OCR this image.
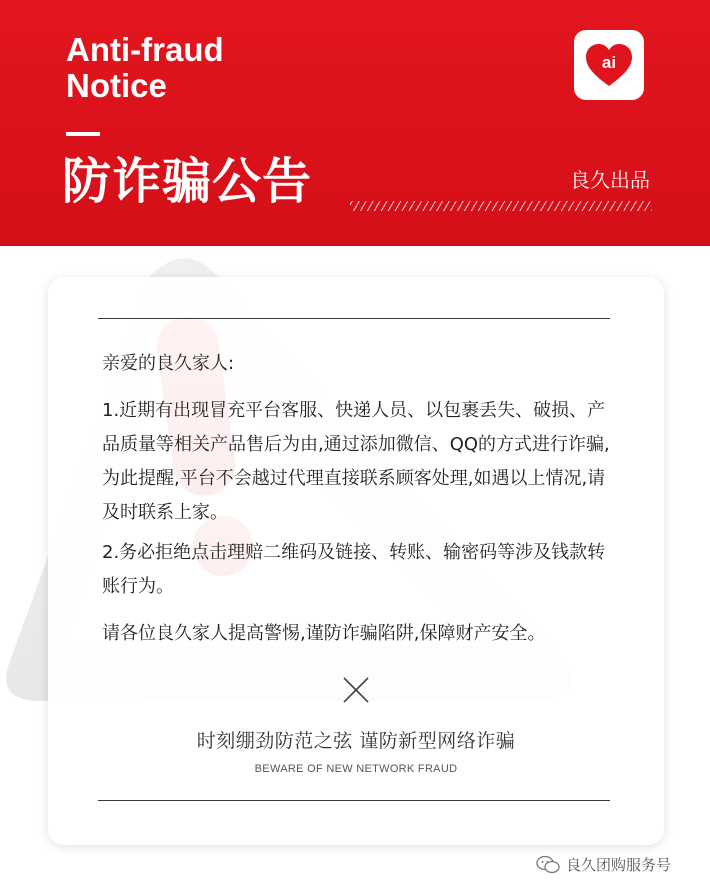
Anti-fraud
Notice
防诈骗公告
ai
良久出品
亲爱的良久家人:
1.近期有出现冒充平台客服、快递人员、以包裹丢失、破损、产品质量等相关产品售后为由,通过添加微信、QQ的方式进行诈骗,为此提醒,平台不会越过代理直接联系顾客处理,如遇以上情况,请及时联系上家。
2.务必拒绝点击理赔二维码及链接、转账、输密码等涉及钱款转账行为。
请各位良久家人提高警惕,谨防诈骗陷阱,保障财产安全。
时刻绷劲防范之弦 谨防新型网络诈骗
BEWARE OF NEW NETWORK FRAUD
良久团购服务号
